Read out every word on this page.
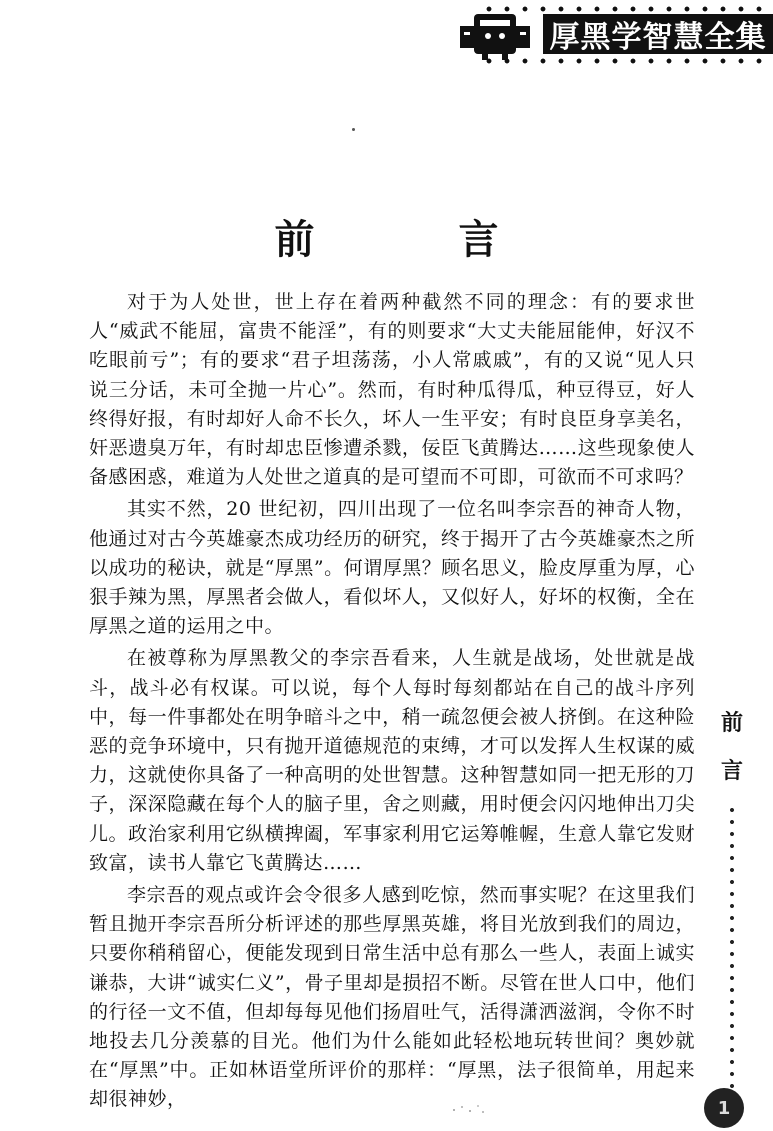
厚黑学智慧全集
前　言

对于为人处世，世上存在着两种截然不同的理念：有的要求世人“威武不能屈，富贵不能淫”，有的则要求“大丈夫能屈能伸，好汉不吃眼前亏”；有的要求“君子坦荡荡，小人常戚戚”，有的又说“见人只说三分话，未可全抛一片心”。然而，有时种瓜得瓜，种豆得豆，好人终得好报，有时却好人命不长久，坏人一生平安；有时良臣身享美名，奸恶遗臭万年，有时却忠臣惨遭杀戮，佞臣飞黄腾达……这些现象使人备感困惑，难道为人处世之道真的是可望而不可即，可欲而不可求吗？

其实不然，20 世纪初，四川出现了一位名叫李宗吾的神奇人物，他通过对古今英雄豪杰成功经历的研究，终于揭开了古今英雄豪杰之所以成功的秘诀，就是“厚黑”。何谓厚黑？顾名思义，脸皮厚重为厚，心狠手辣为黑，厚黑者会做人，看似坏人，又似好人，好坏的权衡，全在厚黑之道的运用之中。

在被尊称为厚黑教父的李宗吾看来，人生就是战场，处世就是战斗，战斗必有权谋。可以说，每个人每时每刻都站在自己的战斗序列中，每一件事都处在明争暗斗之中，稍一疏忽便会被人挤倒。在这种险恶的竞争环境中，只有抛开道德规范的束缚，才可以发挥人生权谋的威力，这就使你具备了一种高明的处世智慧。这种智慧如同一把无形的刀子，深深隐藏在每个人的脑子里，舍之则藏，用时便会闪闪地伸出刀尖儿。政治家利用它纵横捭阖，军事家利用它运筹帷幄，生意人靠它发财致富，读书人靠它飞黄腾达……

李宗吾的观点或许会令很多人感到吃惊，然而事实呢？在这里我们暂且抛开李宗吾所分析评述的那些厚黑英雄，将目光放到我们的周边，只要你稍稍留心，便能发现到日常生活中总有那么一些人，表面上诚实谦恭，大讲“诚实仁义”，骨子里却是损招不断。尽管在世人口中，他们的行径一文不值，但却每每见他们扬眉吐气，活得潇洒滋润，令你不时地投去几分羡慕的目光。他们为什么能如此轻松地玩转世间？奥妙就在“厚黑”中。正如林语堂所评价的那样：“厚黑，法子很简单，用起来却很神妙，

前
言
1
